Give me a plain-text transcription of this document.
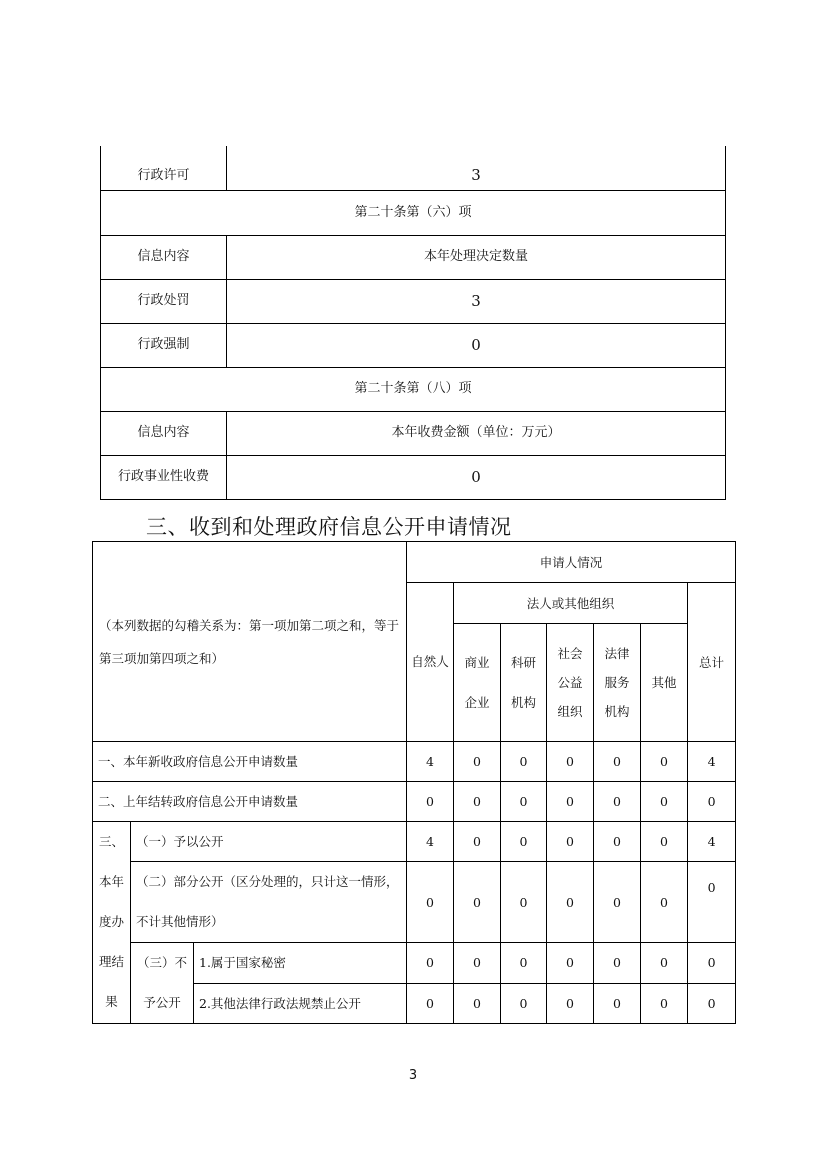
行政许可	3
第二十条第（六）项	
信息内容	本年处理决定数量
行政处罚	3
行政强制	0
第二十条第（八）项	
信息内容	本年收费金额（单位：万元）
行政事业性收费	0
三、收到和处理政府信息公开申请情况
（本列数据的勾稽关系为：第一项加第二项之和，等于第三项加第四项之和）			申请人情况						
			自然人	法人或其他组织					总计
				商业企业	科研机构	社会公益组织	法律服务机构	其他	
一、本年新收政府信息公开申请数量			4	0	0	0	0	0	4
二、上年结转政府信息公开申请数量			0	0	0	0	0	0	0
三、本年度办理结果	（一）予以公开		4	0	0	0	0	0	4
	（二）部分公开（区分处理的，只计这一情形，不计其他情形）		0	0	0	0	0	0	0
	（三）不予公开	1.属于国家秘密	0	0	0	0	0	0	0
		2.其他法律行政法规禁止公开	0	0	0	0	0	0	0
3
